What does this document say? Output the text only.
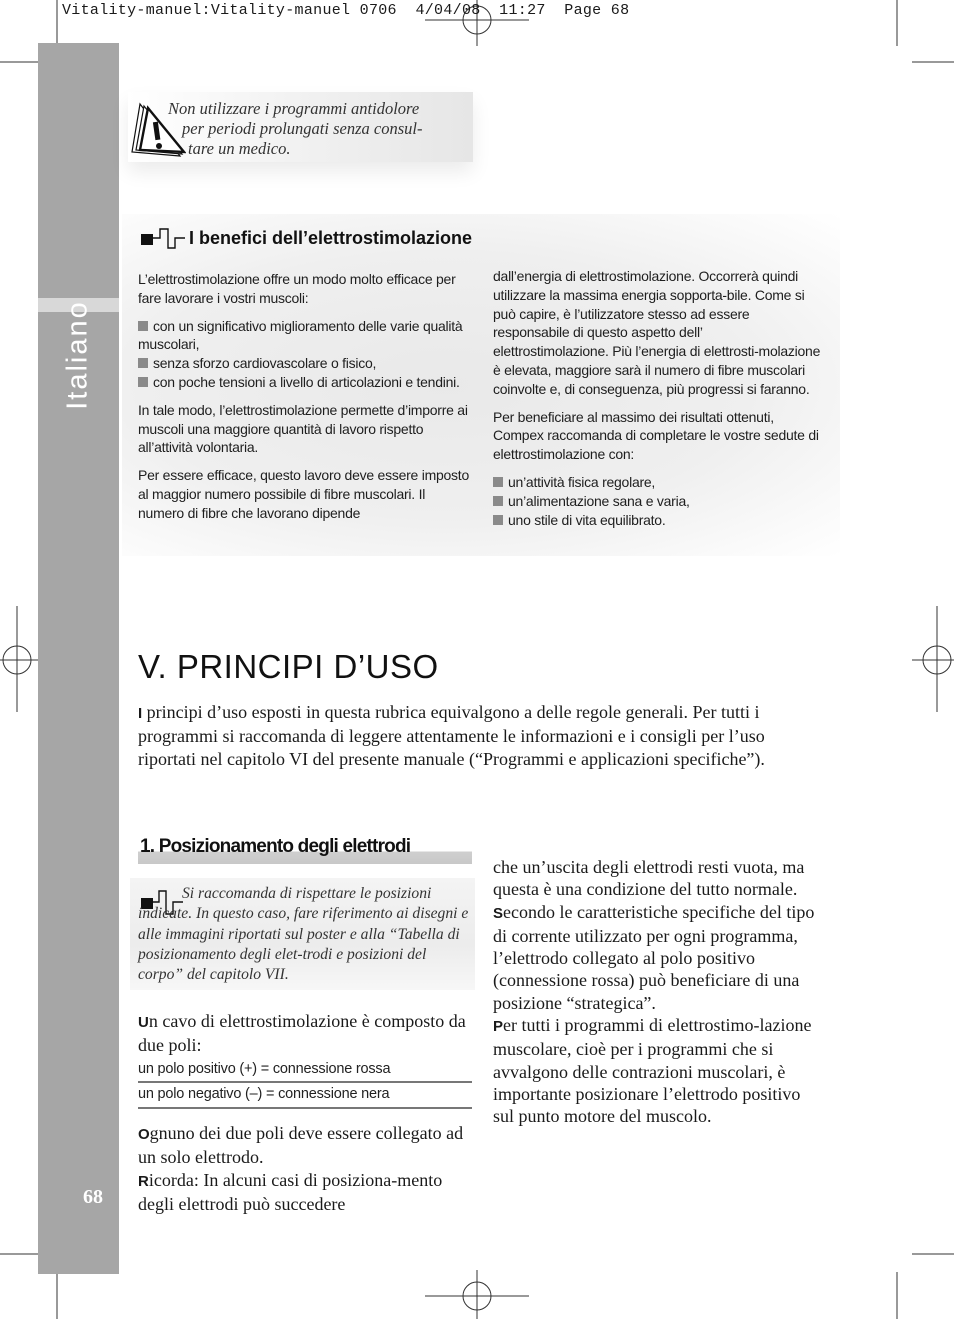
Vitality-manuel:Vitality-manuel 0706  4/04/08  11:27  Page 68
Italiano
68
Non utilizzare i programmi antidolore
per periodi prolungati senza consul-
tare un medico.
I benefici dell’elettrostimolazione

L’elettrostimolazione offre un modo molto efficace per fare lavorare i vostri muscoli:

con un significativo miglioramento delle varie qualità muscolari,

senza sforzo cardiovascolare o fisico,

con poche tensioni a livello di articolazioni e tendini.

In tale modo, l’elettrostimolazione permette d’imporre ai muscoli una maggiore quantità di lavoro rispetto all’attività volontaria.

Per essere efficace, questo lavoro deve essere imposto al maggior numero possibile di fibre muscolari. Il numero di fibre che lavorano dipende

dall’energia di elettrostimolazione. Occorrerà quindi utilizzare la massima energia sopporta-bile. Come si può capire, è l’utilizzatore stesso ad essere responsabile di questo aspetto dell’ elettrostimolazione. Più l’energia di elettrosti-molazione è elevata, maggiore sarà il numero di fibre muscolari coinvolte e, di conseguenza, più progressi si faranno.

Per beneficiare al massimo dei risultati ottenuti, Compex raccomanda di completare le vostre sedute di elettrostimolazione con:

un’attività fisica regolare,

un’alimentazione sana e varia,

uno stile di vita equilibrato.

V. PRINCIPI D’USO
I principi d’uso esposti in questa rubrica equivalgono a delle regole generali. Per tutti i programmi si raccomanda di leggere attentamente le informazioni e i consigli per l’uso riportati nel capitolo VI del presente manuale (“Programmi e applicazioni specifiche”).
1. Posizionamento degli elettrodi
Si raccomanda di rispettare le posizioni indicate. In questo caso, fare riferimento ai disegni e alle immagini riportati sul poster e alla “Tabella di posizionamento degli elet-trodi e posizioni del corpo” del capitolo VII.
Un cavo di elettrostimolazione è composto da due poli:
un polo positivo (+) = connessione rossa
un polo negativo (–) = connessione nera
Ognuno dei due poli deve essere collegato ad un solo elettrodo.
Ricorda: In alcuni casi di posiziona-mento degli elettrodi può succedere
che un’uscita degli elettrodi resti vuota, ma questa è una condizione del tutto normale.
Secondo le caratteristiche specifiche del tipo di corrente utilizzato per ogni programma, l’elettrodo collegato al polo positivo (connessione rossa) può beneficiare di una posizione “strategica”.
Per tutti i programmi di elettrostimo-lazione muscolare, cioè per i programmi che si avvalgono delle contrazioni muscolari, è importante posizionare l’elettrodo positivo sul punto motore del muscolo.
